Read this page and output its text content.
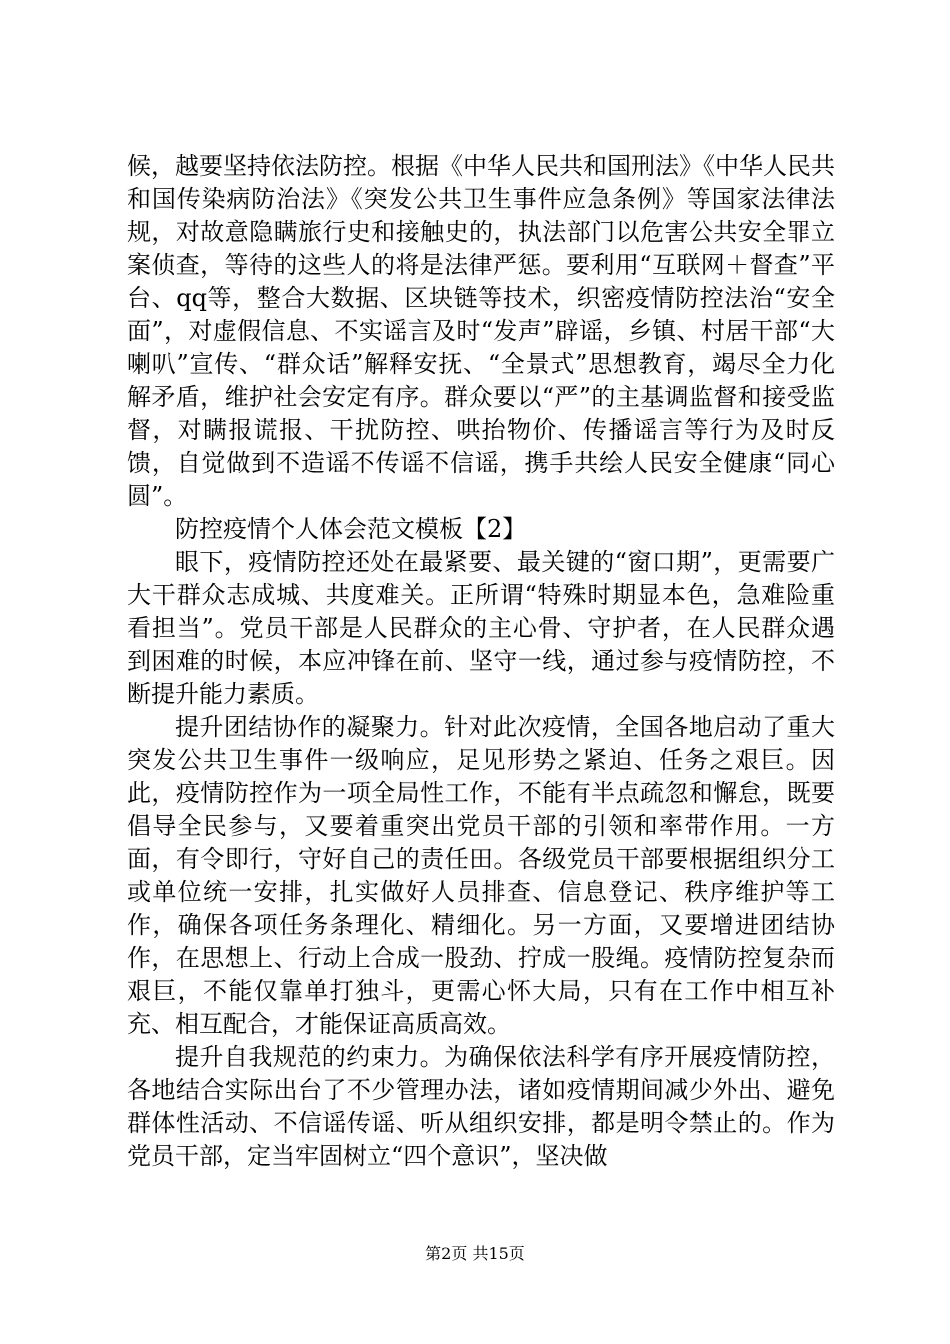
候，越要坚持依法防控。根据《中华人民共和国刑法》《中华人民共和国传染病防治法》《突发公共卫生事件应急条例》等国家法律法规，对故意隐瞒旅行史和接触史的，执法部门以危害公共安全罪立案侦查，等待的这些人的将是法律严惩。要利用“互联网＋督查”平台、qq等，整合大数据、区块链等技术，织密疫情防控法治“安全面”，对虚假信息、不实谣言及时“发声”辟谣，乡镇、村居干部“大喇叭”宣传、“群众话”解释安抚、“全景式”思想教育，竭尽全力化解矛盾，维护社会安定有序。群众要以“严”的主基调监督和接受监督，对瞒报谎报、干扰防控、哄抬物价、传播谣言等行为及时反馈，自觉做到不造谣不传谣不信谣，携手共绘人民安全健康“同心圆”。

防控疫情个人体会范文模板【2】

眼下，疫情防控还处在最紧要、最关键的“窗口期”，更需要广大干群众志成城、共度难关。正所谓“特殊时期显本色，急难险重看担当”。党员干部是人民群众的主心骨、守护者，在人民群众遇到困难的时候，本应冲锋在前、坚守一线，通过参与疫情防控，不断提升能力素质。

提升团结协作的凝聚力。针对此次疫情，全国各地启动了重大突发公共卫生事件一级响应，足见形势之紧迫、任务之艰巨。因此，疫情防控作为一项全局性工作，不能有半点疏忽和懈怠，既要倡导全民参与，又要着重突出党员干部的引领和率带作用。一方面，有令即行，守好自己的责任田。各级党员干部要根据组织分工或单位统一安排，扎实做好人员排查、信息登记、秩序维护等工作，确保各项任务条理化、精细化。另一方面，又要增进团结协作，在思想上、行动上合成一股劲、拧成一股绳。疫情防控复杂而艰巨，不能仅靠单打独斗，更需心怀大局，只有在工作中相互补充、相互配合，才能保证高质高效。

提升自我规范的约束力。为确保依法科学有序开展疫情防控，各地结合实际出台了不少管理办法，诸如疫情期间减少外出、避免群体性活动、不信谣传谣、听从组织安排，都是明令禁止的。作为党员干部，定当牢固树立“四个意识”，坚决做

第2页 共15页
